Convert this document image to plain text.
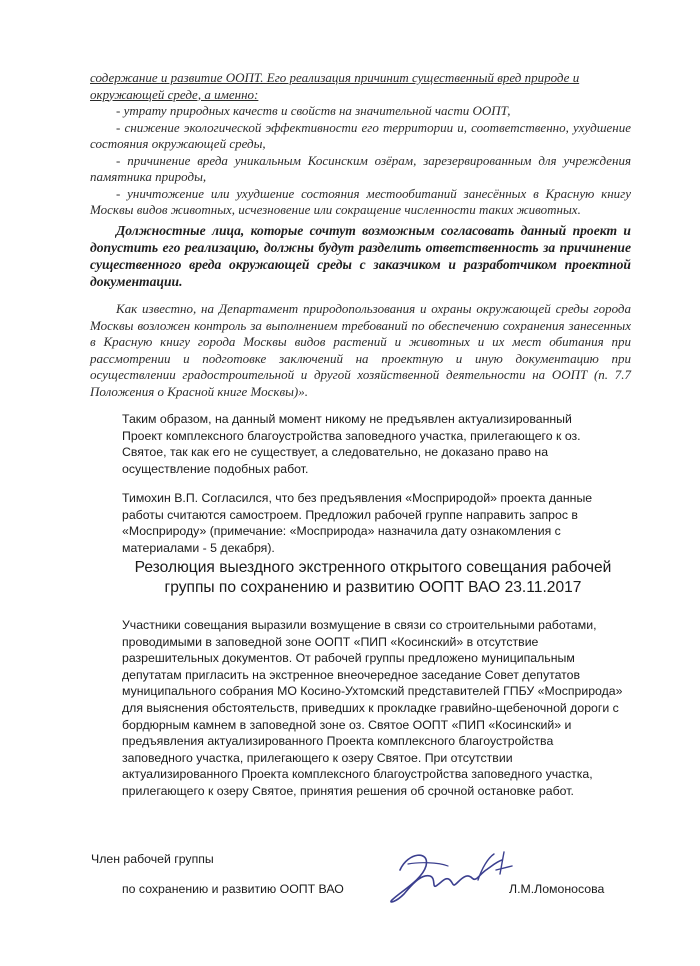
содержание и развитие ООПТ. Его реализация причинит существенный вред природе и

окружающей среде, а именно:

- утрату природных качеств и свойств на значительной части ООПТ,

- снижение экологической эффективности его территории и, соответственно, ухудшение состояния окружающей среды,

- причинение вреда уникальным Косинским озёрам, зарезервированным для учреждения памятника природы,

- уничтожение или ухудшение состояния местообитаний занесённых в Красную книгу Москвы видов животных, исчезновение или сокращение численности таких животных.

Должностные лица, которые сочтут возможным согласовать данный проект и допустить его реализацию, должны будут разделить ответственность за причинение существенного вреда окружающей среды с заказчиком и разработчиком проектной документации.

Как известно, на Департамент природопользования и охраны окружающей среды города Москвы возложен контроль за выполнением требований по обеспечению сохранения занесенных в Красную книгу города Москвы видов растений и животных и их мест обитания при рассмотрении и подготовке заключений на проектную и иную документацию при осуществлении градостроительной и другой хозяйственной деятельности на ООПТ (п. 7.7 Положения о Красной книге Москвы)».

Таким образом, на данный момент никому не предъявлен актуализированный Проект комплексного благоустройства заповедного участка, прилегающего к оз. Святое, так как его не существует, а следовательно, не доказано право на осуществление подобных работ.

Тимохин В.П. Согласился, что без предъявления «Мосприродой» проекта данные работы считаются самостроем. Предложил рабочей группе направить запрос в «Мосприроду» (примечание: «Мосприрода» назначила дату ознакомления с материалами - 5 декабря).

Резолюция выездного экстренного открытого совещания рабочей группы по сохранению и развитию ООПТ ВАО 23.11.2017

Участники совещания выразили возмущение в связи со строительными работами, проводимыми в заповедной зоне ООПТ «ПИП «Косинский» в отсутствие разрешительных документов. От рабочей группы предложено муниципальным депутатам пригласить на экстренное внеочередное заседание Совет депутатов муниципального собрания МО Косино-Ухтомский представителей ГПБУ «Мосприрода» для выяснения обстоятельств, приведших к прокладке гравийно-щебеночной дороги с бордюрным камнем в заповедной зоне оз. Святое ООПТ «ПИП «Косинский» и предъявления актуализированного Проекта комплексного благоустройства заповедного участка, прилегающего к озеру Святое. При отсутствии актуализированного Проекта комплексного благоустройства заповедного участка, прилегающего к озеру Святое, принятия решения об срочной остановке работ.

Член рабочей группы
по сохранению и развитию ООПТ ВАО	Л.М.Ломоносова
